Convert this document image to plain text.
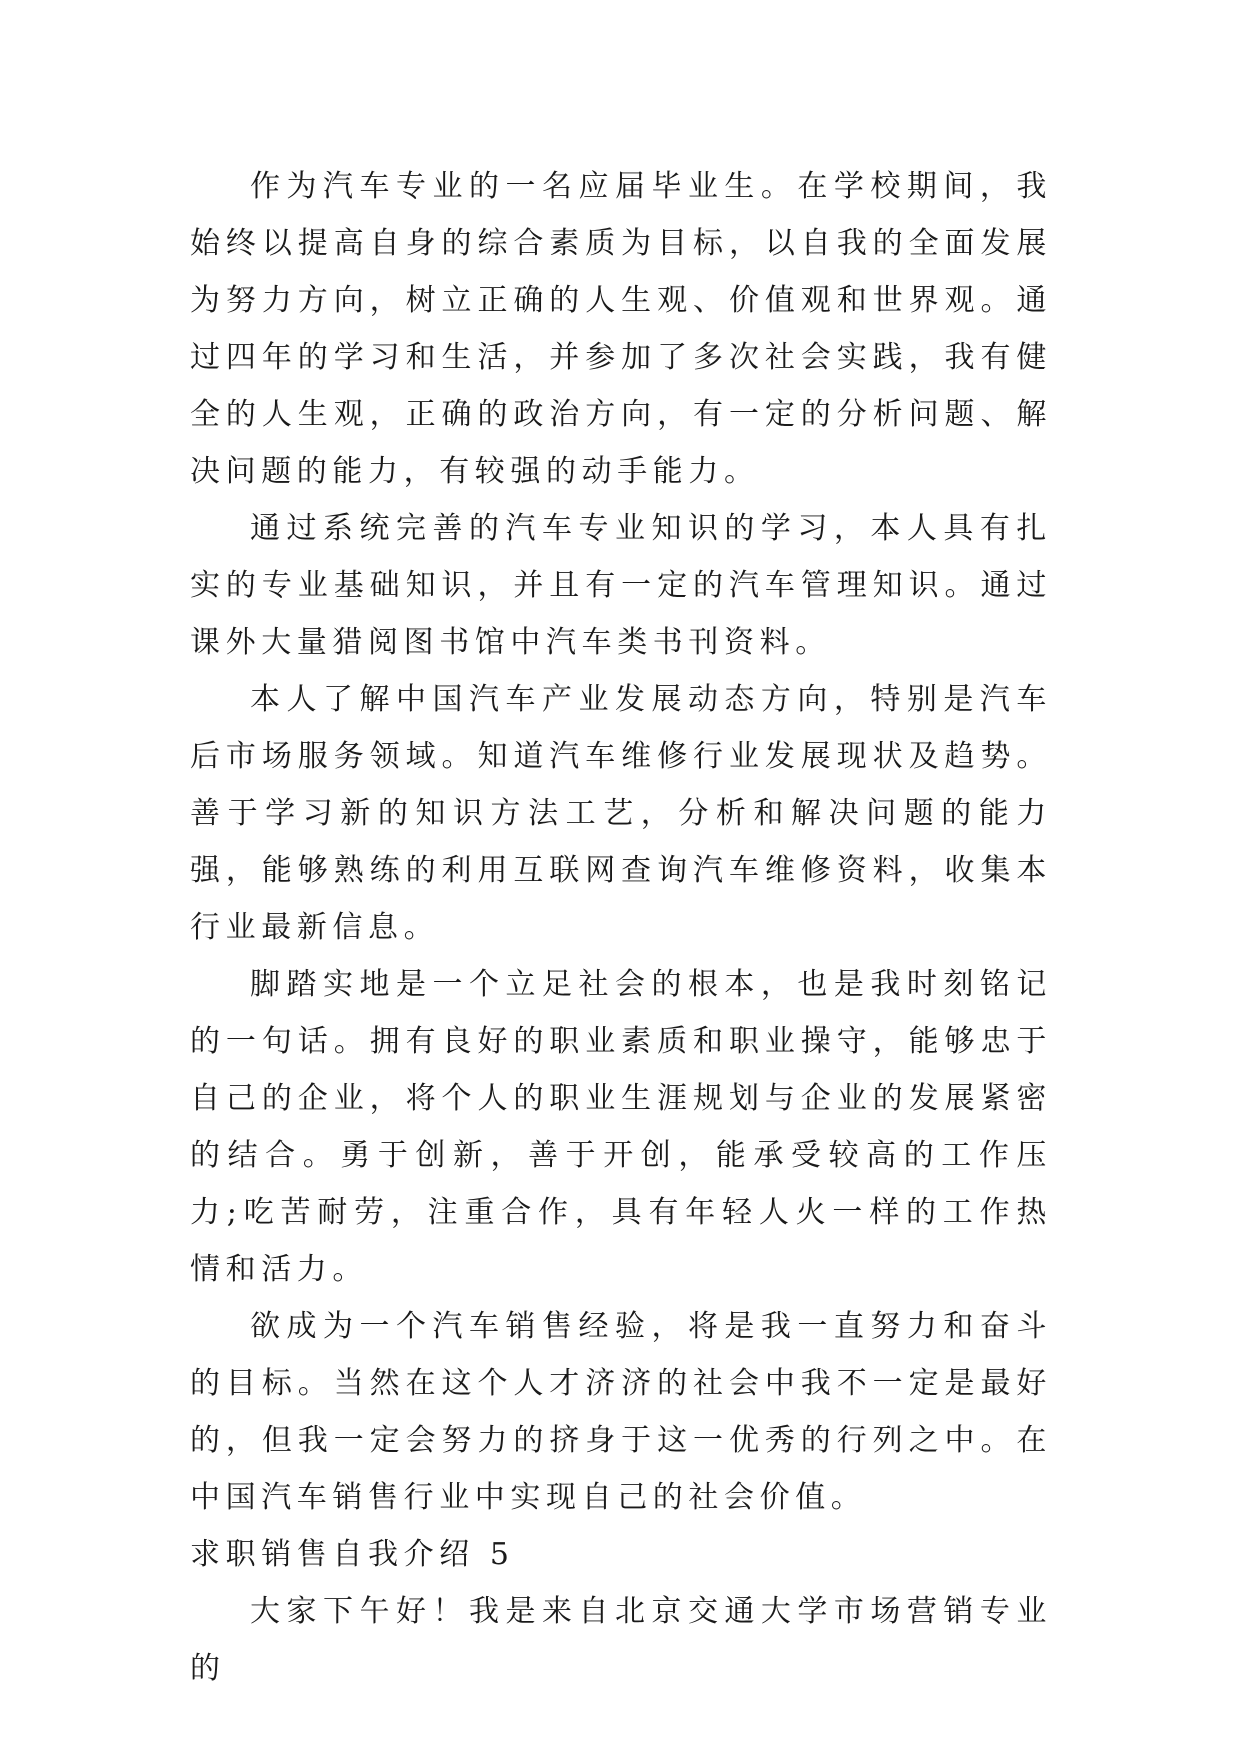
作为汽车专业的一名应届毕业生。在学校期间，我始终以提高自身的综合素质为目标，以自我的全面发展为努力方向，树立正确的人生观、价值观和世界观。通过四年的学习和生活，并参加了多次社会实践，我有健全的人生观，正确的政治方向，有一定的分析问题、解决问题的能力，有较强的动手能力。

通过系统完善的汽车专业知识的学习，本人具有扎实的专业基础知识，并且有一定的汽车管理知识。通过课外大量猎阅图书馆中汽车类书刊资料。

本人了解中国汽车产业发展动态方向，特别是汽车后市场服务领域。知道汽车维修行业发展现状及趋势。善于学习新的知识方法工艺，分析和解决问题的能力强，能够熟练的利用互联网查询汽车维修资料，收集本行业最新信息。

脚踏实地是一个立足社会的根本，也是我时刻铭记的一句话。拥有良好的职业素质和职业操守，能够忠于自己的企业，将个人的职业生涯规划与企业的发展紧密的结合。勇于创新，善于开创，能承受较高的工作压力;吃苦耐劳，注重合作，具有年轻人火一样的工作热情和活力。

欲成为一个汽车销售经验，将是我一直努力和奋斗的目标。当然在这个人才济济的社会中我不一定是最好的，但我一定会努力的挤身于这一优秀的行列之中。在中国汽车销售行业中实现自己的社会价值。

求职销售自我介绍 5

大家下午好！我是来自北京交通大学市场营销专业的
